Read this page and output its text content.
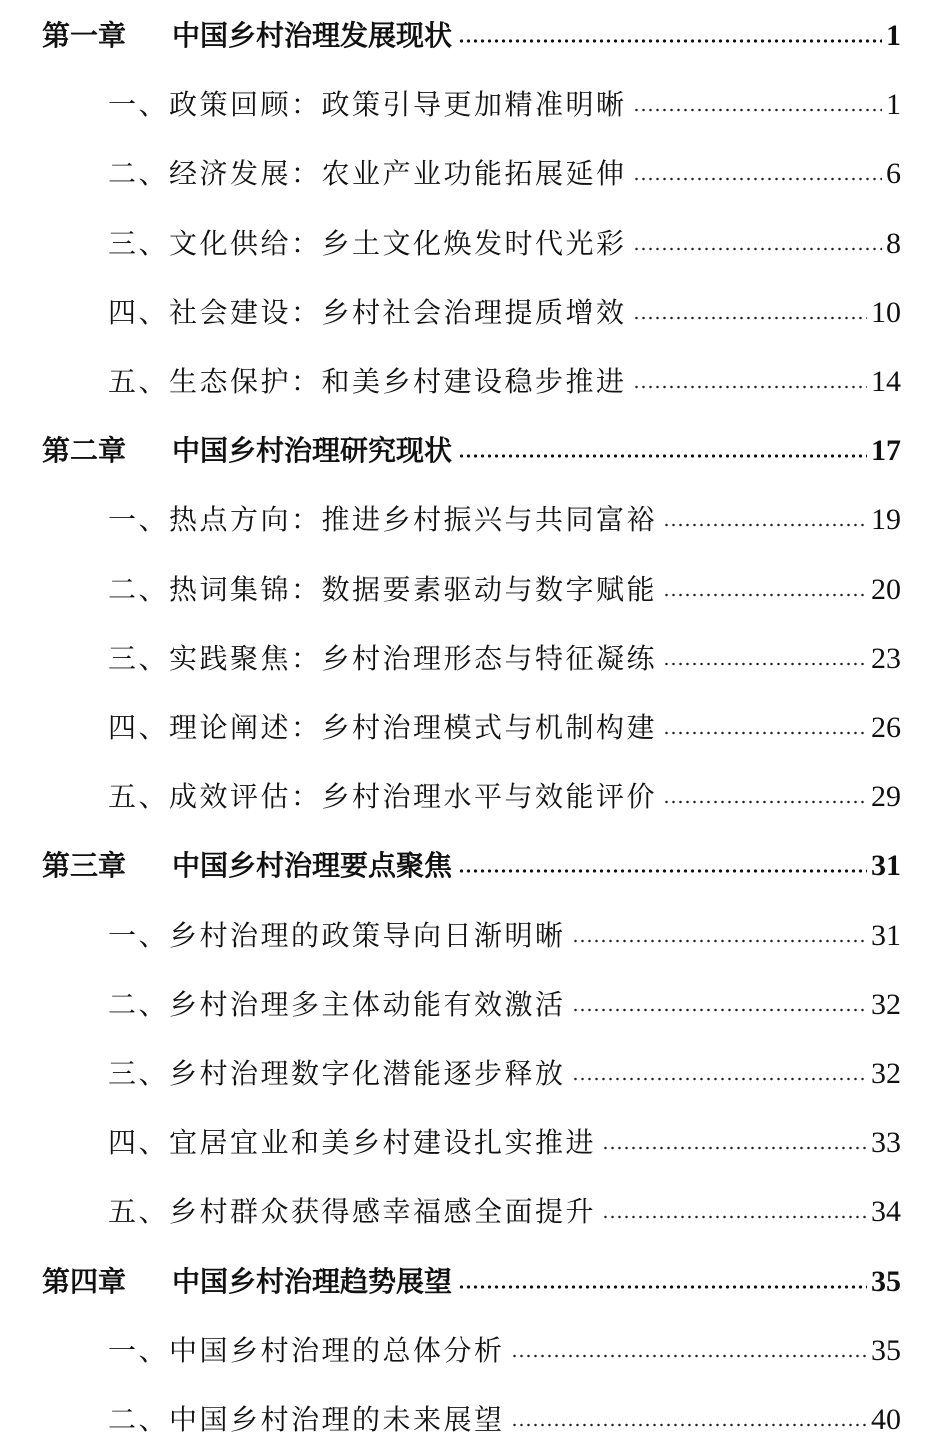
第一章	中国乡村治理发展现状	1
一、政策回顾：政策引导更加精准明晰	1
二、经济发展：农业产业功能拓展延伸	6
三、文化供给：乡土文化焕发时代光彩	8
四、社会建设：乡村社会治理提质增效	10
五、生态保护：和美乡村建设稳步推进	14
第二章	中国乡村治理研究现状	17
一、热点方向：推进乡村振兴与共同富裕	19
二、热词集锦：数据要素驱动与数字赋能	20
三、实践聚焦：乡村治理形态与特征凝练	23
四、理论阐述：乡村治理模式与机制构建	26
五、成效评估：乡村治理水平与效能评价	29
第三章	中国乡村治理要点聚焦	31
一、乡村治理的政策导向日渐明晰	31
二、乡村治理多主体动能有效激活	32
三、乡村治理数字化潜能逐步释放	32
四、宜居宜业和美乡村建设扎实推进	33
五、乡村群众获得感幸福感全面提升	34
第四章	中国乡村治理趋势展望	35
一、中国乡村治理的总体分析	35
二、中国乡村治理的未来展望	40
